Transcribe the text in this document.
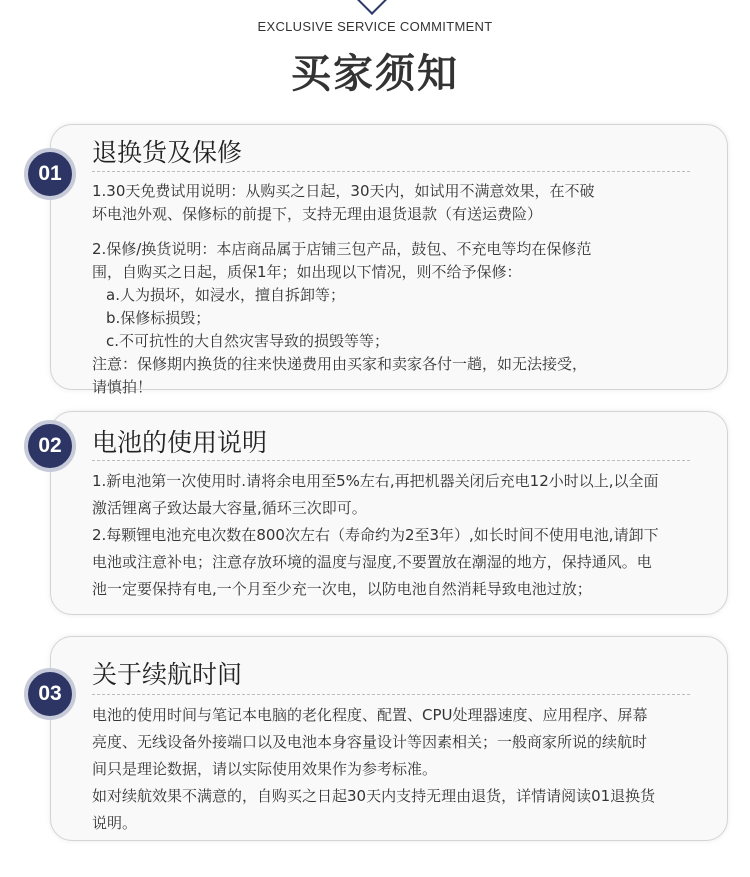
EXCLUSIVE SERVICE COMMITMENT
买家须知
01
退换货及保修

1.30天免费试用说明：从购买之日起，30天内，如试用不满意效果，在不破

坏电池外观、保修标的前提下，支持无理由退货退款（有送运费险）

2.保修/换货说明：本店商品属于店铺三包产品，鼓包、不充电等均在保修范

围，自购买之日起，质保1年；如出现以下情况，则不给予保修：

a.人为损坏，如浸水，擅自拆卸等；

b.保修标损毁；

c.不可抗性的大自然灾害导致的损毁等等；

注意：保修期内换货的往来快递费用由买家和卖家各付一趟，如无法接受，

请慎拍！

02	电池的使用说明

1.新电池第一次使用时.请将余电用至5%左右,再把机器关闭后充电12小时以上,以全面

激活锂离子致达最大容量,循环三次即可。

2.每颗锂电池充电次数在800次左右（寿命约为2至3年）,如长时间不使用电池,请卸下

电池或注意补电；注意存放环境的温度与湿度,不要置放在潮湿的地方，保持通风。电

池一定要保持有电,一个月至少充一次电，以防电池自然消耗导致电池过放；

03
关于续航时间

电池的使用时间与笔记本电脑的老化程度、配置、CPU处理器速度、应用程序、屏幕

亮度、无线设备外接端口以及电池本身容量设计等因素相关；一般商家所说的续航时

间只是理论数据，请以实际使用效果作为参考标准。

如对续航效果不满意的，自购买之日起30天内支持无理由退货，详情请阅读01退换货

说明。
